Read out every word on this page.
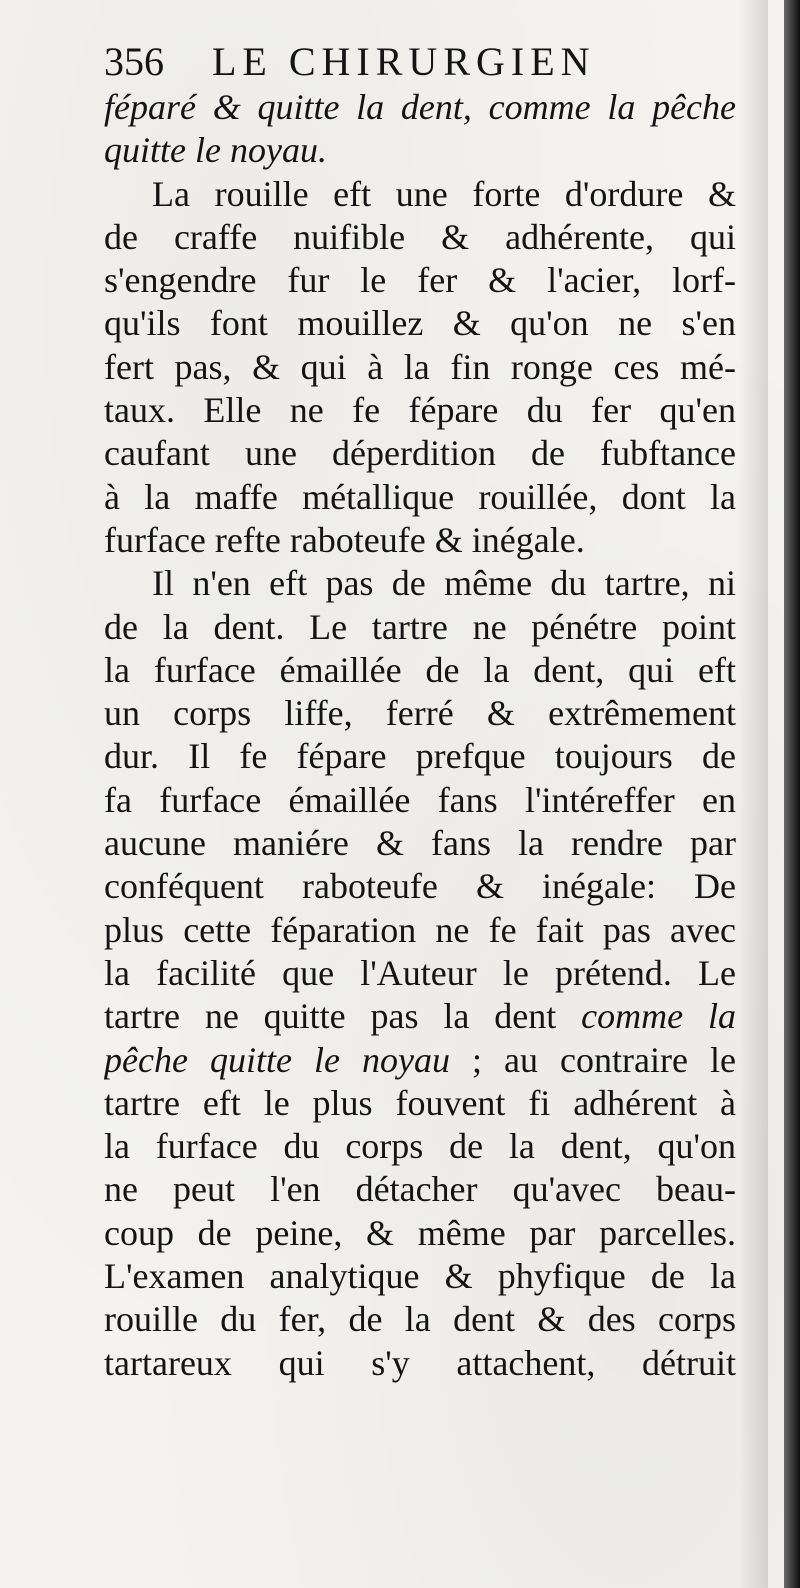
356 LE CHIRURGIEN
féparé & quitte la dent, comme la pêche
quitte le noyau.
La rouille eft une forte d'ordure &
de craffe nuifible & adhérente, qui
s'engendre fur le fer & l'acier, lorf-
qu'ils font mouillez & qu'on ne s'en
fert pas, & qui à la fin ronge ces mé-
taux. Elle ne fe fépare du fer qu'en
caufant une déperdition de fubftance
à la maffe métallique rouillée, dont la
furface refte raboteufe & inégale.
Il n'en eft pas de même du tartre, ni
de la dent. Le tartre ne pénétre point
la furface émaillée de la dent, qui eft
un corps liffe, ferré & extrêmement
dur. Il fe fépare prefque toujours de
fa furface émaillée fans l'intéreffer en
aucune maniére & fans la rendre par
conféquent raboteufe & inégale: De
plus cette féparation ne fe fait pas avec
la facilité que l'Auteur le prétend. Le
tartre ne quitte pas la dent comme la
pêche quitte le noyau ; au contraire le
tartre eft le plus fouvent fi adhérent à
la furface du corps de la dent, qu'on
ne peut l'en détacher qu'avec beau-
coup de peine, & même par parcelles.
L'examen analytique & phyfique de la
rouille du fer, de la dent & des corps
tartareux qui s'y attachent, détruit
